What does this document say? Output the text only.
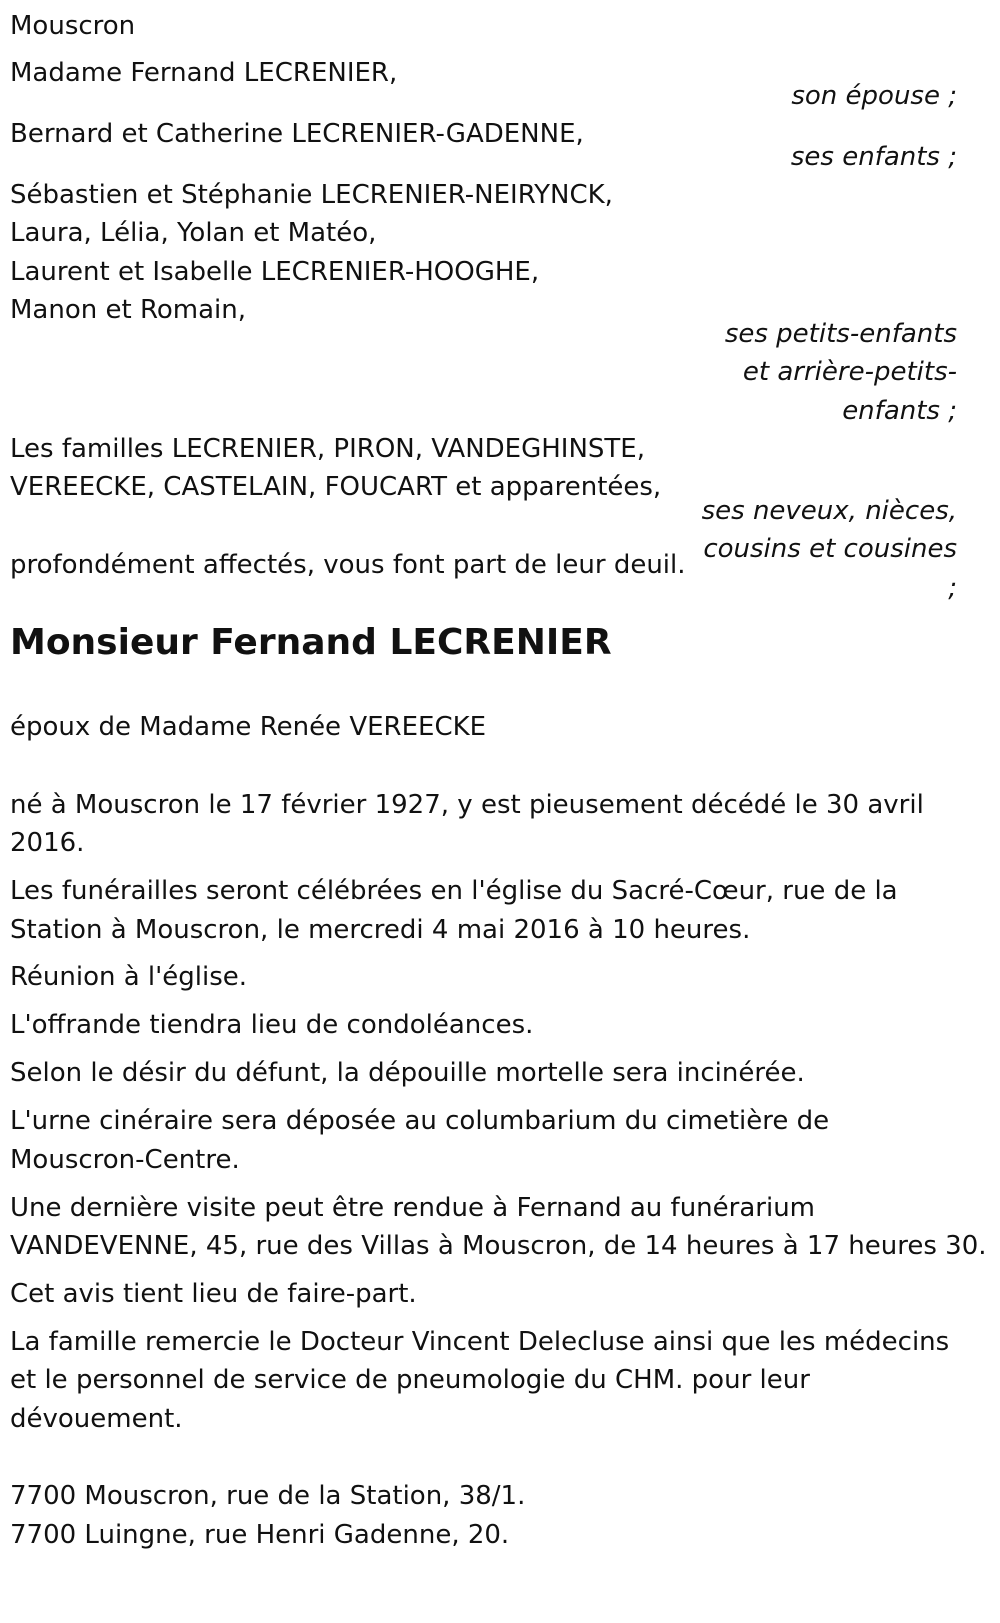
Mouscron
Madame Fernand LECRENIER,
son épouse ;
Bernard et Catherine LECRENIER-GADENNE,
ses enfants ;
Sébastien et Stéphanie LECRENIER-NEIRYNCK,
Laura, Lélia, Yolan et Matéo,
Laurent et Isabelle LECRENIER-HOOGHE,
Manon et Romain,
ses petits-enfants
et arrière-petits-
enfants ;
Les familles LECRENIER, PIRON, VANDEGHINSTE,
VEREECKE, CASTELAIN, FOUCART et apparentées,
ses neveux, nièces,
cousins et cousines
;
profondément affectés, vous font part de leur deuil.
Monsieur Fernand LECRENIER
époux de Madame Renée VEREECKE
né à Mouscron le 17 février 1927, y est pieusement décédé le 30 avril
2016.
Les funérailles seront célébrées en l'église du Sacré-Cœur, rue de la
Station à Mouscron, le mercredi 4 mai 2016 à 10 heures.
Réunion à l'église.
L'offrande tiendra lieu de condoléances.
Selon le désir du défunt, la dépouille mortelle sera incinérée.
L'urne cinéraire sera déposée au columbarium du cimetière de
Mouscron-Centre.
Une dernière visite peut être rendue à Fernand au funérarium
VANDEVENNE, 45, rue des Villas à Mouscron, de 14 heures à 17 heures 30.
Cet avis tient lieu de faire-part.
La famille remercie le Docteur Vincent Delecluse ainsi que les médecins
et le personnel de service de pneumologie du CHM. pour leur
dévouement.
7700 Mouscron, rue de la Station, 38/1.
7700 Luingne, rue Henri Gadenne, 20.
